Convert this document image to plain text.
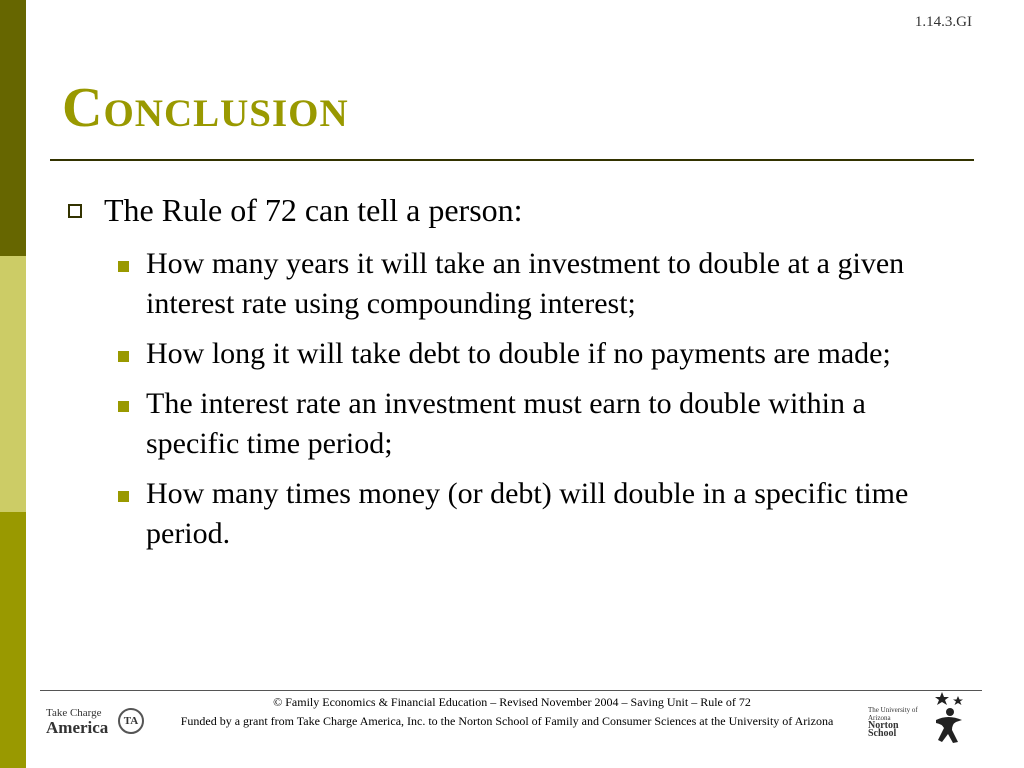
1.14.3.GI
Conclusion
The Rule of 72 can tell a person:
How many years it will take an investment to double at a given interest rate using compounding interest;
How long it will take debt to double if no payments are made;
The interest rate an investment must earn to double within a specific time period;
How many times money (or debt) will double in a specific time period.
Take Charge
America	TA
© Family Economics & Financial Education – Revised November 2004 – Saving Unit – Rule of 72
Funded by a grant from Take Charge America, Inc. to the Norton School of Family and Consumer Sciences at the University of Arizona
The University of Arizona
Norton School
